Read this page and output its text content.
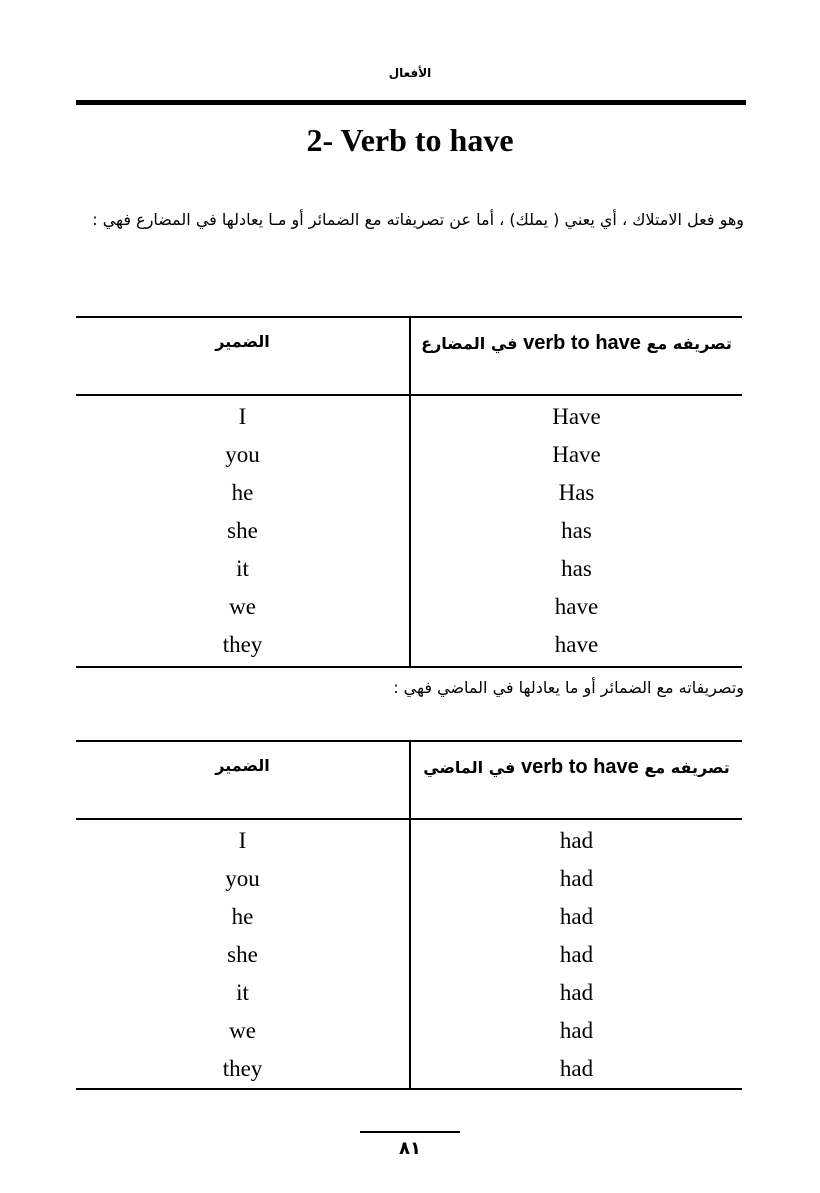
الأفعال
2- Verb to have
وهو فعل الامتلاك ، أي يعني ( يملك) ، أما عن تصريفاته مع الضمائر أو مـا يعادلها في المضارع فهي :
الضمير	تصريفه مع verb to have في المضارع
I	Have
you	Have
he	Has
she	has
it	has
we	have
they	have
وتصريفاته مع الضمائر أو ما يعادلها في الماضي فهي :
الضمير	تصريفه مع verb to have في الماضي
I	had
you	had
he	had
she	had
it	had
we	had
they	had
٨١
